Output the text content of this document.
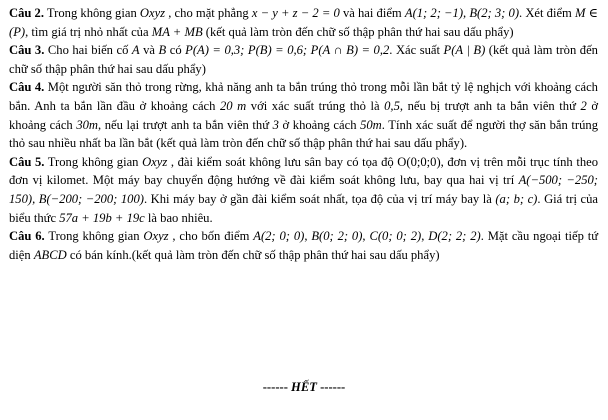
Câu 2. Trong không gian Oxyz , cho mặt phẳng x − y + z − 2 = 0 và hai điểm A(1; 2; −1), B(2; 3; 0). Xét điểm M ∈ (P), tìm giá trị nhỏ nhất của MA + MB (kết quả làm tròn đến chữ số thập phân thứ hai sau dấu phẩy)

Câu 3. Cho hai biến cố A và B có P(A) = 0,3; P(B) = 0,6; P(A ∩ B) = 0,2. Xác suất P(A | B) (kết quả làm tròn đến chữ số thập phân thứ hai sau dấu phẩy)

Câu 4. Một người săn thỏ trong rừng, khả năng anh ta bắn trúng thỏ trong mỗi lần bắt tỷ lệ nghịch với khoảng cách bắn. Anh ta bắn lần đầu ở khoảng cách 20 m với xác suất trúng thỏ là 0,5, nếu bị trượt anh ta bắn viên thứ 2 ở khoảng cách 30m, nếu lại trượt anh ta bắn viên thứ 3 ở khoảng cách 50m. Tính xác suất để người thợ săn bắn trúng thỏ sau nhiều nhất ba lần bắt (kết quả làm tròn đến chữ số thập phân thứ hai sau dấu phẩy).

Câu 5. Trong không gian Oxyz , đài kiểm soát không lưu sân bay có tọa độ O(0;0;0), đơn vị trên mỗi trục tính theo đơn vị kilomet. Một máy bay chuyển động hướng về đài kiểm soát không lưu, bay qua hai vị trí A(−500; −250; 150), B(−200; −200; 100). Khi máy bay ở gần đài kiểm soát nhất, tọa độ của vị trí máy bay là (a; b; c). Giá trị của biểu thức 57a + 19b + 19c là bao nhiêu.

Câu 6. Trong không gian Oxyz , cho bốn điểm A(2; 0; 0), B(0; 2; 0), C(0; 0; 2), D(2; 2; 2). Mặt cầu ngoại tiếp tứ diện ABCD có bán kính.(kết quả làm tròn đến chữ số thập phân thứ hai sau dấu phẩy)

------ HẾT ------
